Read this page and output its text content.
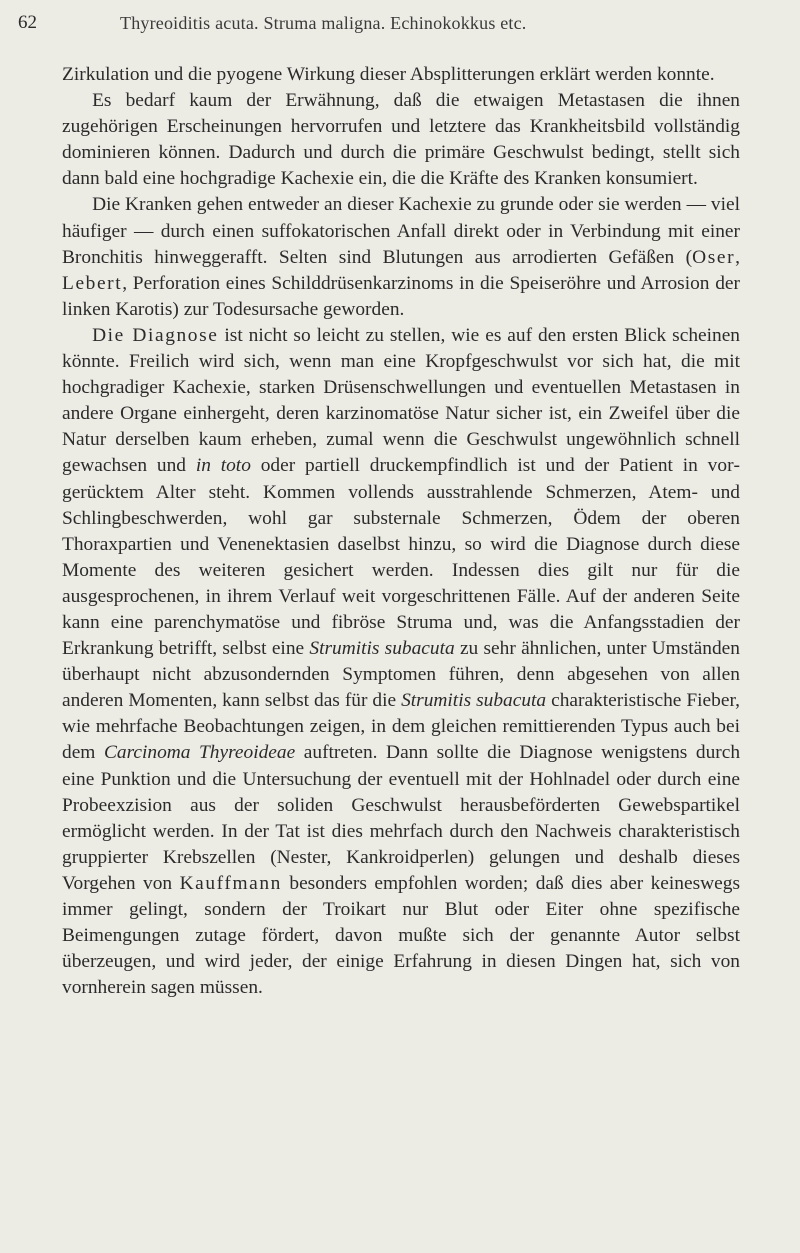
62	Thyreoiditis acuta. Struma maligna. Echinokokkus etc.

Zirkulation und die pyogene Wirkung dieser Absplitterungen erklärt werden konnte.

Es bedarf kaum der Erwähnung, daß die etwaigen Metastasen die ihnen zugehörigen Erscheinungen hervorrufen und letztere das Krankheitsbild vollständig dominieren können. Dadurch und durch die primäre Geschwulst bedingt, stellt sich dann bald eine hochgradige Kachexie ein, die die Kräfte des Kranken konsumiert.

Die Kranken gehen entweder an dieser Kachexie zu grunde oder sie werden — viel häufiger — durch einen suffokatorischen Anfall direkt oder in Verbindung mit einer Bronchitis hinweggerafft. Selten sind Blutungen aus arrodierten Gefäßen (Oser, Lebert, Perforation eines Schilddrüsenkarzinoms in die Speiseröhre und Arrosion der linken Karotis) zur Todesursache geworden.

Die Diagnose ist nicht so leicht zu stellen, wie es auf den ersten Blick scheinen könnte. Freilich wird sich, wenn man eine Kropfgeschwulst vor sich hat, die mit hochgradiger Kachexie, starken Drüsenschwellungen und eventuellen Metastasen in andere Organe einhergeht, deren karzinomatöse Natur sicher ist, ein Zweifel über die Natur derselben kaum erheben, zumal wenn die Geschwulst ungewöhnlich schnell gewachsen und in toto oder partiell druckempfindlich ist und der Patient in vorgerücktem Alter steht. Kommen vollends ausstrahlende Schmerzen, Atem- und Schlingbeschwerden, wohl gar substernale Schmerzen, Ödem der oberen Thoraxpartien und Venenektasien daselbst hinzu, so wird die Diagnose durch diese Momente des weiteren gesichert werden. Indessen dies gilt nur für die ausgesprochenen, in ihrem Verlauf weit vorgeschrittenen Fälle. Auf der anderen Seite kann eine parenchymatöse und fibröse Struma und, was die Anfangsstadien der Erkrankung betrifft, selbst eine Strumitis subacuta zu sehr ähnlichen, unter Umständen überhaupt nicht abzusondernden Symptomen führen, denn abgesehen von allen anderen Momenten, kann selbst das für die Strumitis subacuta charakteristische Fieber, wie mehrfache Beobachtungen zeigen, in dem gleichen remittierenden Typus auch bei dem Carcinoma Thyreoideae auftreten. Dann sollte die Diagnose wenigstens durch eine Punktion und die Untersuchung der eventuell mit der Hohlnadel oder durch eine Probeexzision aus der soliden Geschwulst herausbeförderten Gewebspartikel ermöglicht werden. In der Tat ist dies mehrfach durch den Nachweis charakteristisch gruppierter Krebszellen (Nester, Kankroidperlen) gelungen und deshalb dieses Vorgehen von Kauffmann besonders empfohlen worden; daß dies aber keineswegs immer gelingt, sondern der Troikart nur Blut oder Eiter ohne spezifische Beimengungen zutage fördert, davon mußte sich der genannte Autor selbst überzeugen, und wird jeder, der einige Erfahrung in diesen Dingen hat, sich von vornherein sagen müssen.
